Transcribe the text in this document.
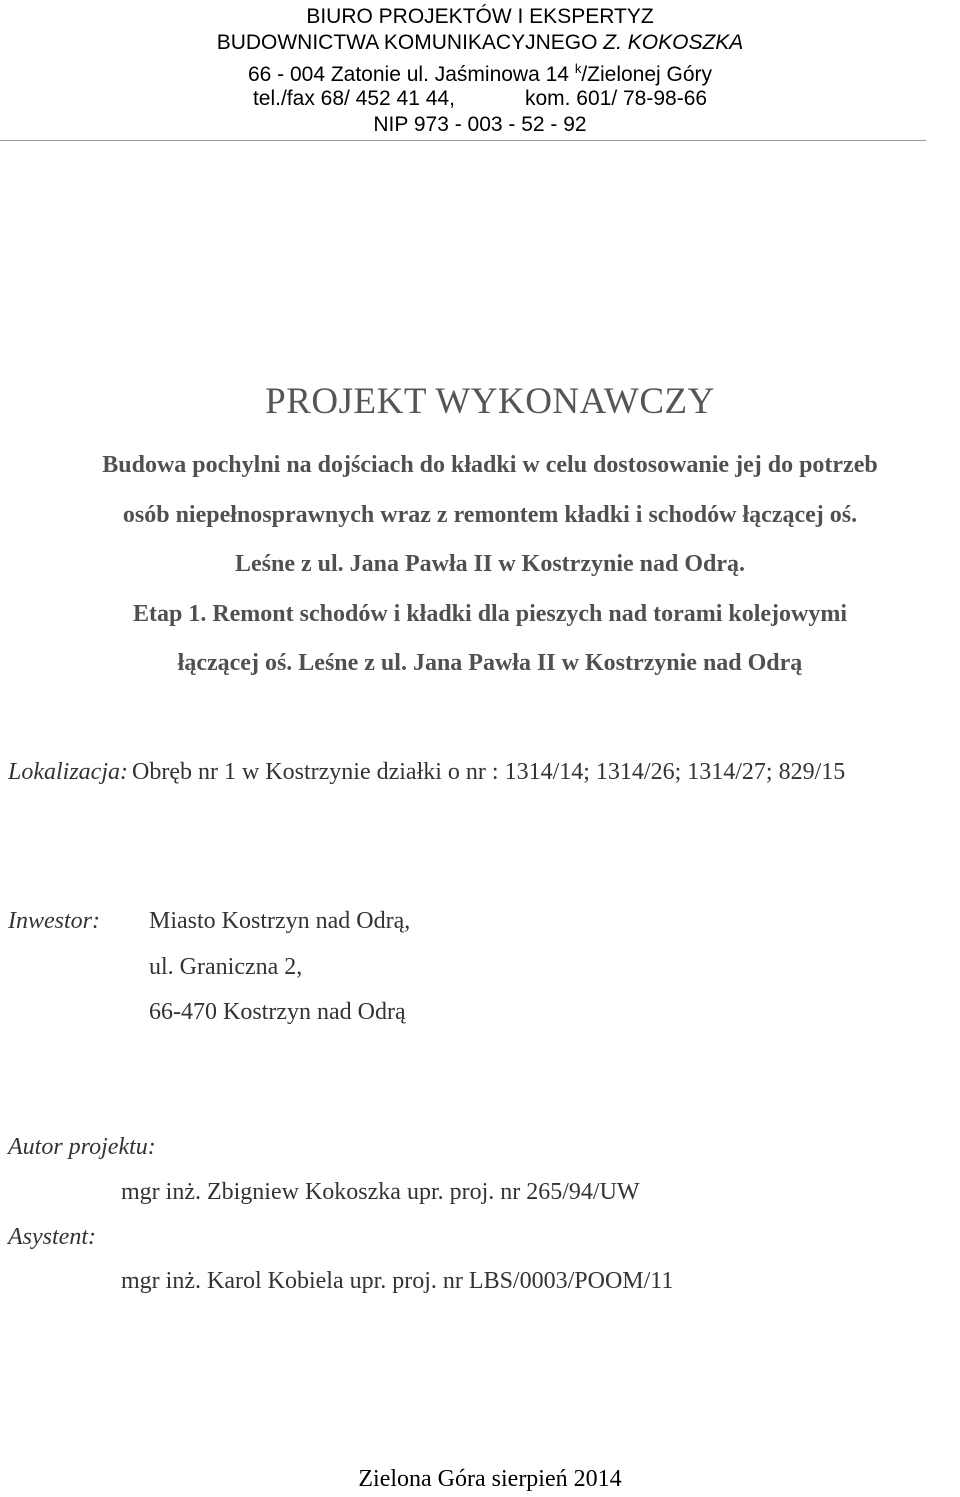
BIURO PROJEKTÓW I EKSPERTYZ
BUDOWNICTWA KOMUNIKACYJNEGO Z. KOKOSZKA
66 - 004 Zatonie ul. Jaśminowa 14 $^k$/Zielonej Góry
tel./fax 68/ 452 41 44,	kom. 601/ 78-98-66
NIP 973 - 003 - 52 - 92
PROJEKT WYKONAWCZY
Budowa pochylni na dojściach do kładki w celu dostosowanie jej do potrzeb
osób niepełnosprawnych wraz z remontem kładki i schodów łączącej oś.
Leśne z ul. Jana Pawła II w Kostrzynie nad Odrą.
Etap 1. Remont schodów i kładki dla pieszych nad torami kolejowymi
łączącej oś. Leśne z ul. Jana Pawła II w Kostrzynie nad Odrą
Lokalizacja: Obręb nr 1 w Kostrzynie działki o nr : 1314/14; 1314/26; 1314/27; 829/15
Inwestor: Miasto Kostrzyn nad Odrą,
ul. Graniczna 2,
66-470 Kostrzyn nad Odrą
Autor projektu:
mgr inż. Zbigniew Kokoszka upr. proj. nr 265/94/UW
Asystent:
mgr inż. Karol Kobiela upr. proj. nr LBS/0003/POOM/11
Zielona Góra sierpień 2014
